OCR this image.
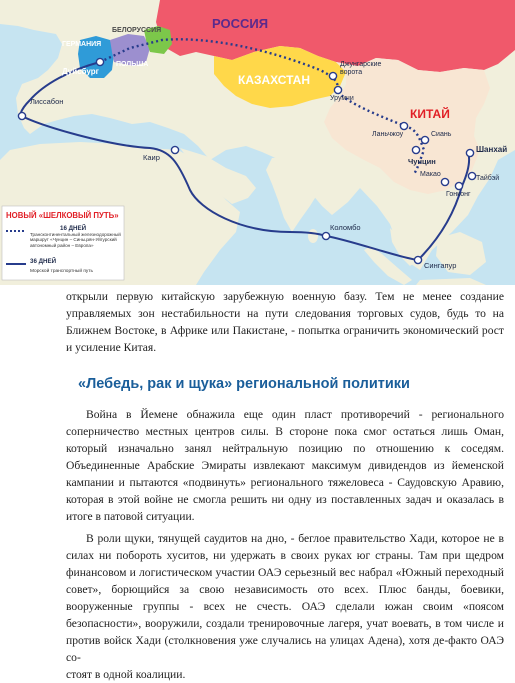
РОССИЯ
КАЗАХСТАН
КИТАЙ
ГЕРМАНИЯ
БЕЛОРУССИЯ
ПОЛЬША
Дуйсбург
Лиссабон
Каир
Коломбо
Сингапур
Джунгарские ворота
Урумчи
Ланьчжоу	Сиань
Чунцин
Шанхай
Тайбэй
Макао
Гонконг
НОВЫЙ «ШЕЛКОВЫЙ ПУТЬ»
16 ДНЕЙ
Трансконтинентальный железнодорожный маршрут «Чунцин – Синьцзян-Уйгурский автономный район – Европа»
36 ДНЕЙ
Морской транспортный путь

открыли первую китайскую зарубежную военную базу. Тем не менее создание управляемых зон нестабильности на пути следования торговых судов, будь то на Ближнем Востоке, в Африке или Пакистане, - попытка ограничить экономический рост и усиление Китая.

«Лебедь, рак и щука» региональной политики

Война в Йемене обнажила еще один пласт противоречий - регионального соперничество местных центров силы. В стороне пока смог остаться лишь Оман, который изначально занял нейтральную позицию по отношению к соседям. Объединенные Арабские Эмираты извлекают максимум дивидендов из йеменской кампании и пытаются «подвинуть» регионального тяжеловеса - Саудовскую Аравию, которая в этой войне не смогла решить ни одну из поставленных задач и оказалась в итоге в патовой ситуации.

В роли щуки, тянущей саудитов на дно, - беглое правительство Хади, которое не в силах ни побороть хуситов, ни удержать в своих руках юг страны. Там при щедром финансовом и логистическом участии ОАЭ серьезный вес набрал «Южный переходный совет», борющийся за свою независимость ото всех. Плюс банды, боевики, вооруженные группы - всех не счесть. ОАЭ сделали южан своим «поясом безопасности», вооружили, создали тренировочные лагеря, учат воевать, в том числе и против войск Хади (столкновения уже случались на улицах Адена), хотя де-факто ОАЭ со-

стоят в одной коалиции.
